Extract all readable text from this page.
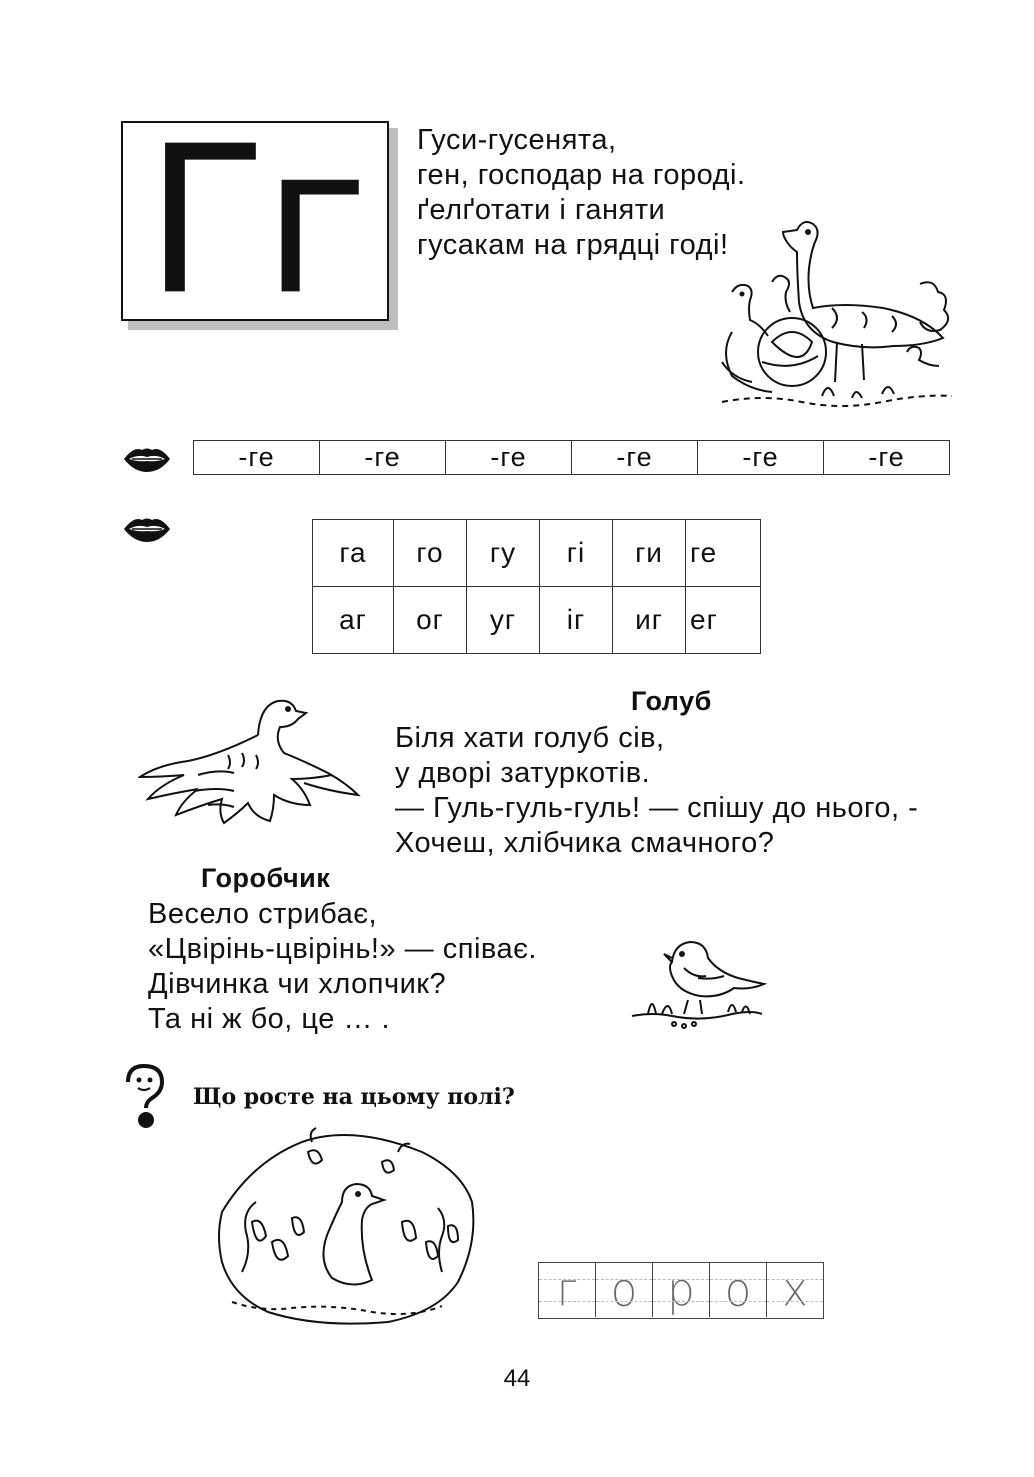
Гг Гуси-гусенята,
ген, господар на городі.
ґелґотати і ганяти
гусакам на грядці годі!
-ге	-ге	-ге	-ге	-ге	-ге
га	го	гу	гі	ги	ге
аг	ог	уг	іг	иг	ег
Голуб
Біля хати голуб сів,
у дворі затуркотів.
— Гуль-гуль-гуль! — спішу до нього, -
Хочеш, хлібчика смачного?
Горобчик
Весело стрибає,
«Цвірінь-цвірінь!» — співає.
Дівчинка чи хлопчик?
Та ні ж бо, це … .
Що росте на цьому полі?
г о р о х
44
